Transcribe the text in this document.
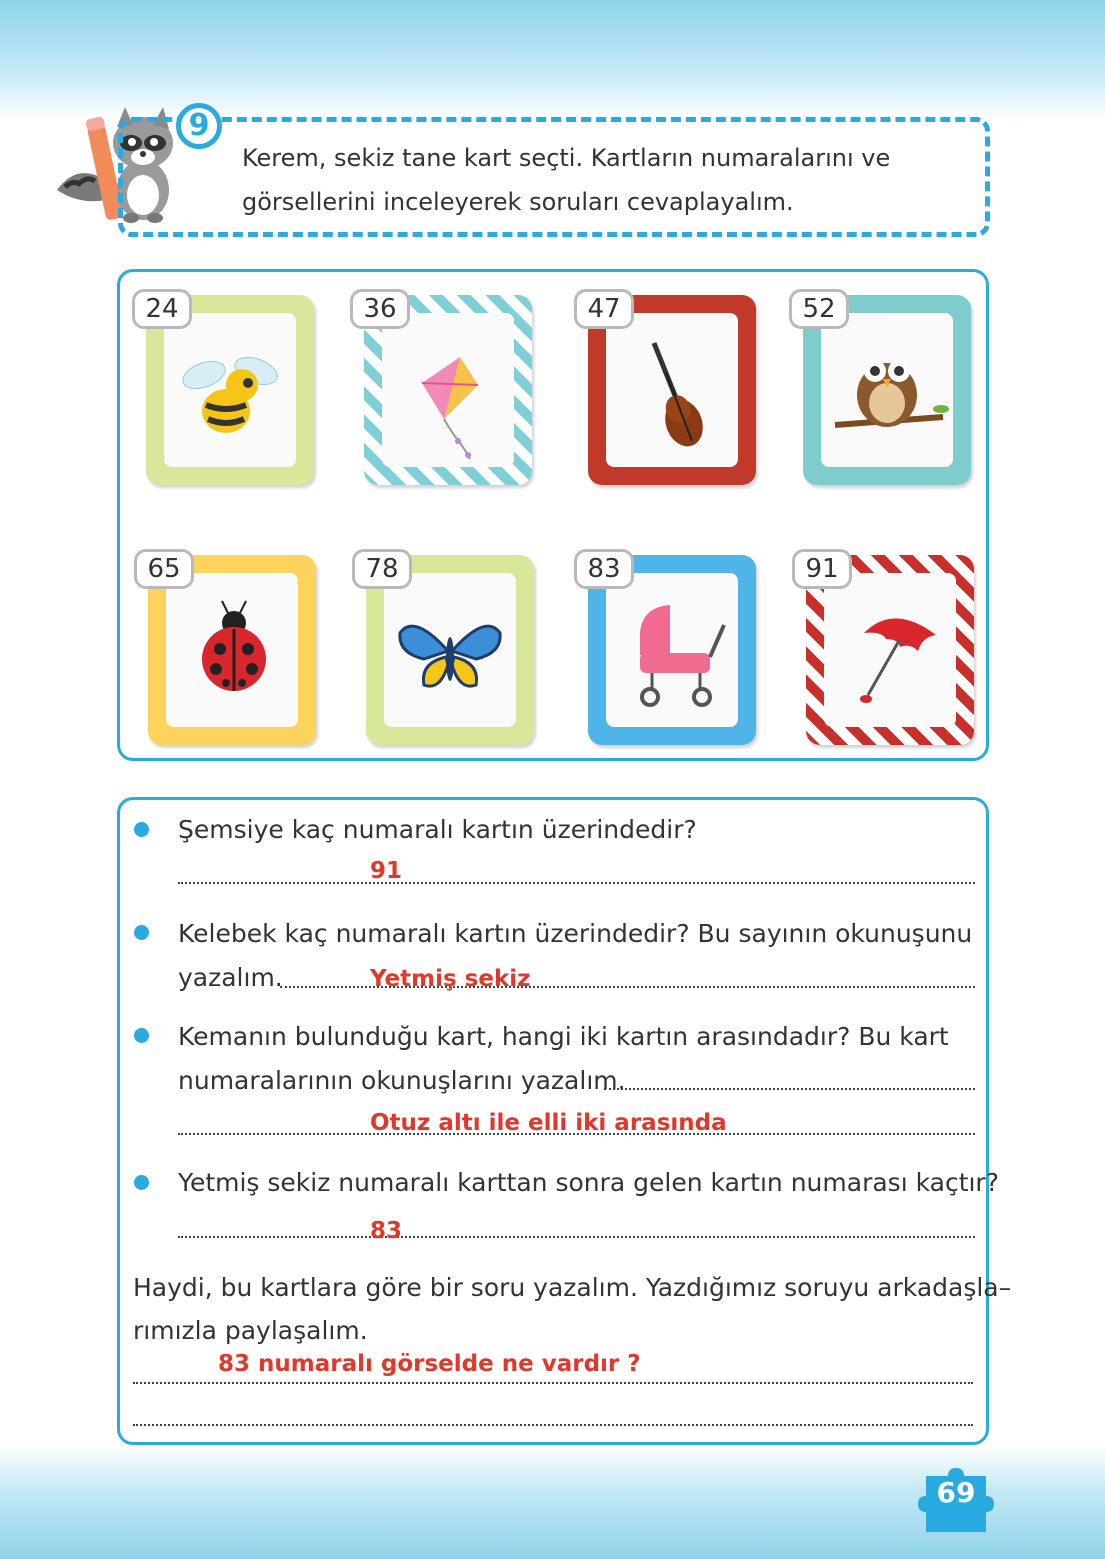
9
Kerem, sekiz tane kart seçti. Kartların numaralarını ve
görsellerini inceleyerek soruları cevaplayalım.
24	36	47	52
65	78	83	91
Şemsiye kaç numaralı kartın üzerindedir?
91
Kelebek kaç numaralı kartın üzerindedir? Bu sayının okunuşunu
yazalım.	Yetmiş sekiz
Kemanın bulunduğu kart, hangi iki kartın arasındadır? Bu kart
numaralarının okunuşlarını yazalım.
Otuz altı ile elli iki arasında
Yetmiş sekiz numaralı karttan sonra gelen kartın numarası kaçtır?
83
Haydi, bu kartlara göre bir soru yazalım. Yazdığımız soruyu arkadaşla–
rımızla paylaşalım.
83 numaralı görselde ne vardır ?
69
